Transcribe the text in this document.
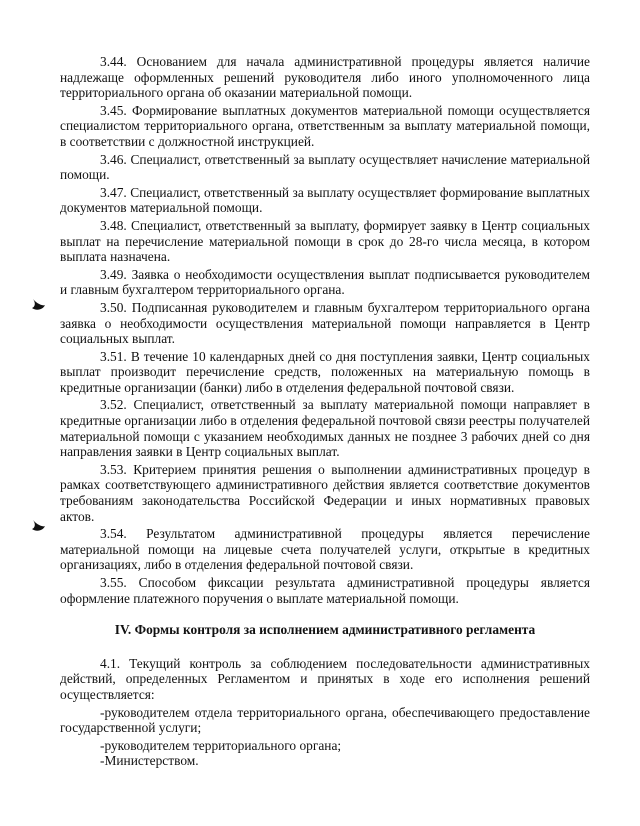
3.44. Основанием для начала административной процедуры является наличие надлежаще оформленных решений руководителя либо иного уполномоченного лица территориального органа об оказании материальной помощи.

3.45. Формирование выплатных документов материальной помощи осуществляется специалистом территориального органа, ответственным за выплату материальной помощи, в соответствии с должностной инструкцией.

3.46. Специалист, ответственный за выплату осуществляет начисление материальной помощи.

3.47. Специалист, ответственный за выплату осуществляет формирование выплатных документов материальной помощи.

3.48. Специалист, ответственный за выплату, формирует заявку в Центр социальных выплат на перечисление материальной помощи в срок до 28-го числа месяца, в котором выплата назначена.

3.49. Заявка о необходимости осуществления выплат подписывается руководителем и главным бухгалтером территориального органа.

3.50. Подписанная руководителем и главным бухгалтером территориального органа заявка о необходимости осуществления материальной помощи направляется в Центр социальных выплат.

3.51. В течение 10 календарных дней со дня поступления заявки, Центр социальных выплат производит перечисление средств, положенных на материальную помощь в кредитные организации (банки) либо в отделения федеральной почтовой связи.

3.52. Специалист, ответственный за выплату материальной помощи направляет в кредитные организации либо в отделения федеральной почтовой связи реестры получателей материальной помощи с указанием необходимых данных не позднее 3 рабочих дней со дня направления заявки в Центр социальных выплат.

3.53. Критерием принятия решения о выполнении административных процедур в рамках соответствующего административного действия является соответствие документов требованиям законодательства Российской Федерации и иных нормативных правовых актов.

3.54. Результатом административной процедуры является перечисление материальной помощи на лицевые счета получателей услуги, открытые в кредитных организациях, либо в отделения федеральной почтовой связи.

3.55. Способом фиксации результата административной процедуры является оформление платежного поручения о выплате материальной помощи.

IV. Формы контроля за исполнением административного регламента

4.1. Текущий контроль за соблюдением последовательности административных действий, определенных Регламентом и принятых в ходе его исполнения решений осуществляется:

-руководителем отдела территориального органа, обеспечивающего предоставление государственной услуги;

-руководителем территориального органа;

-Министерством.
